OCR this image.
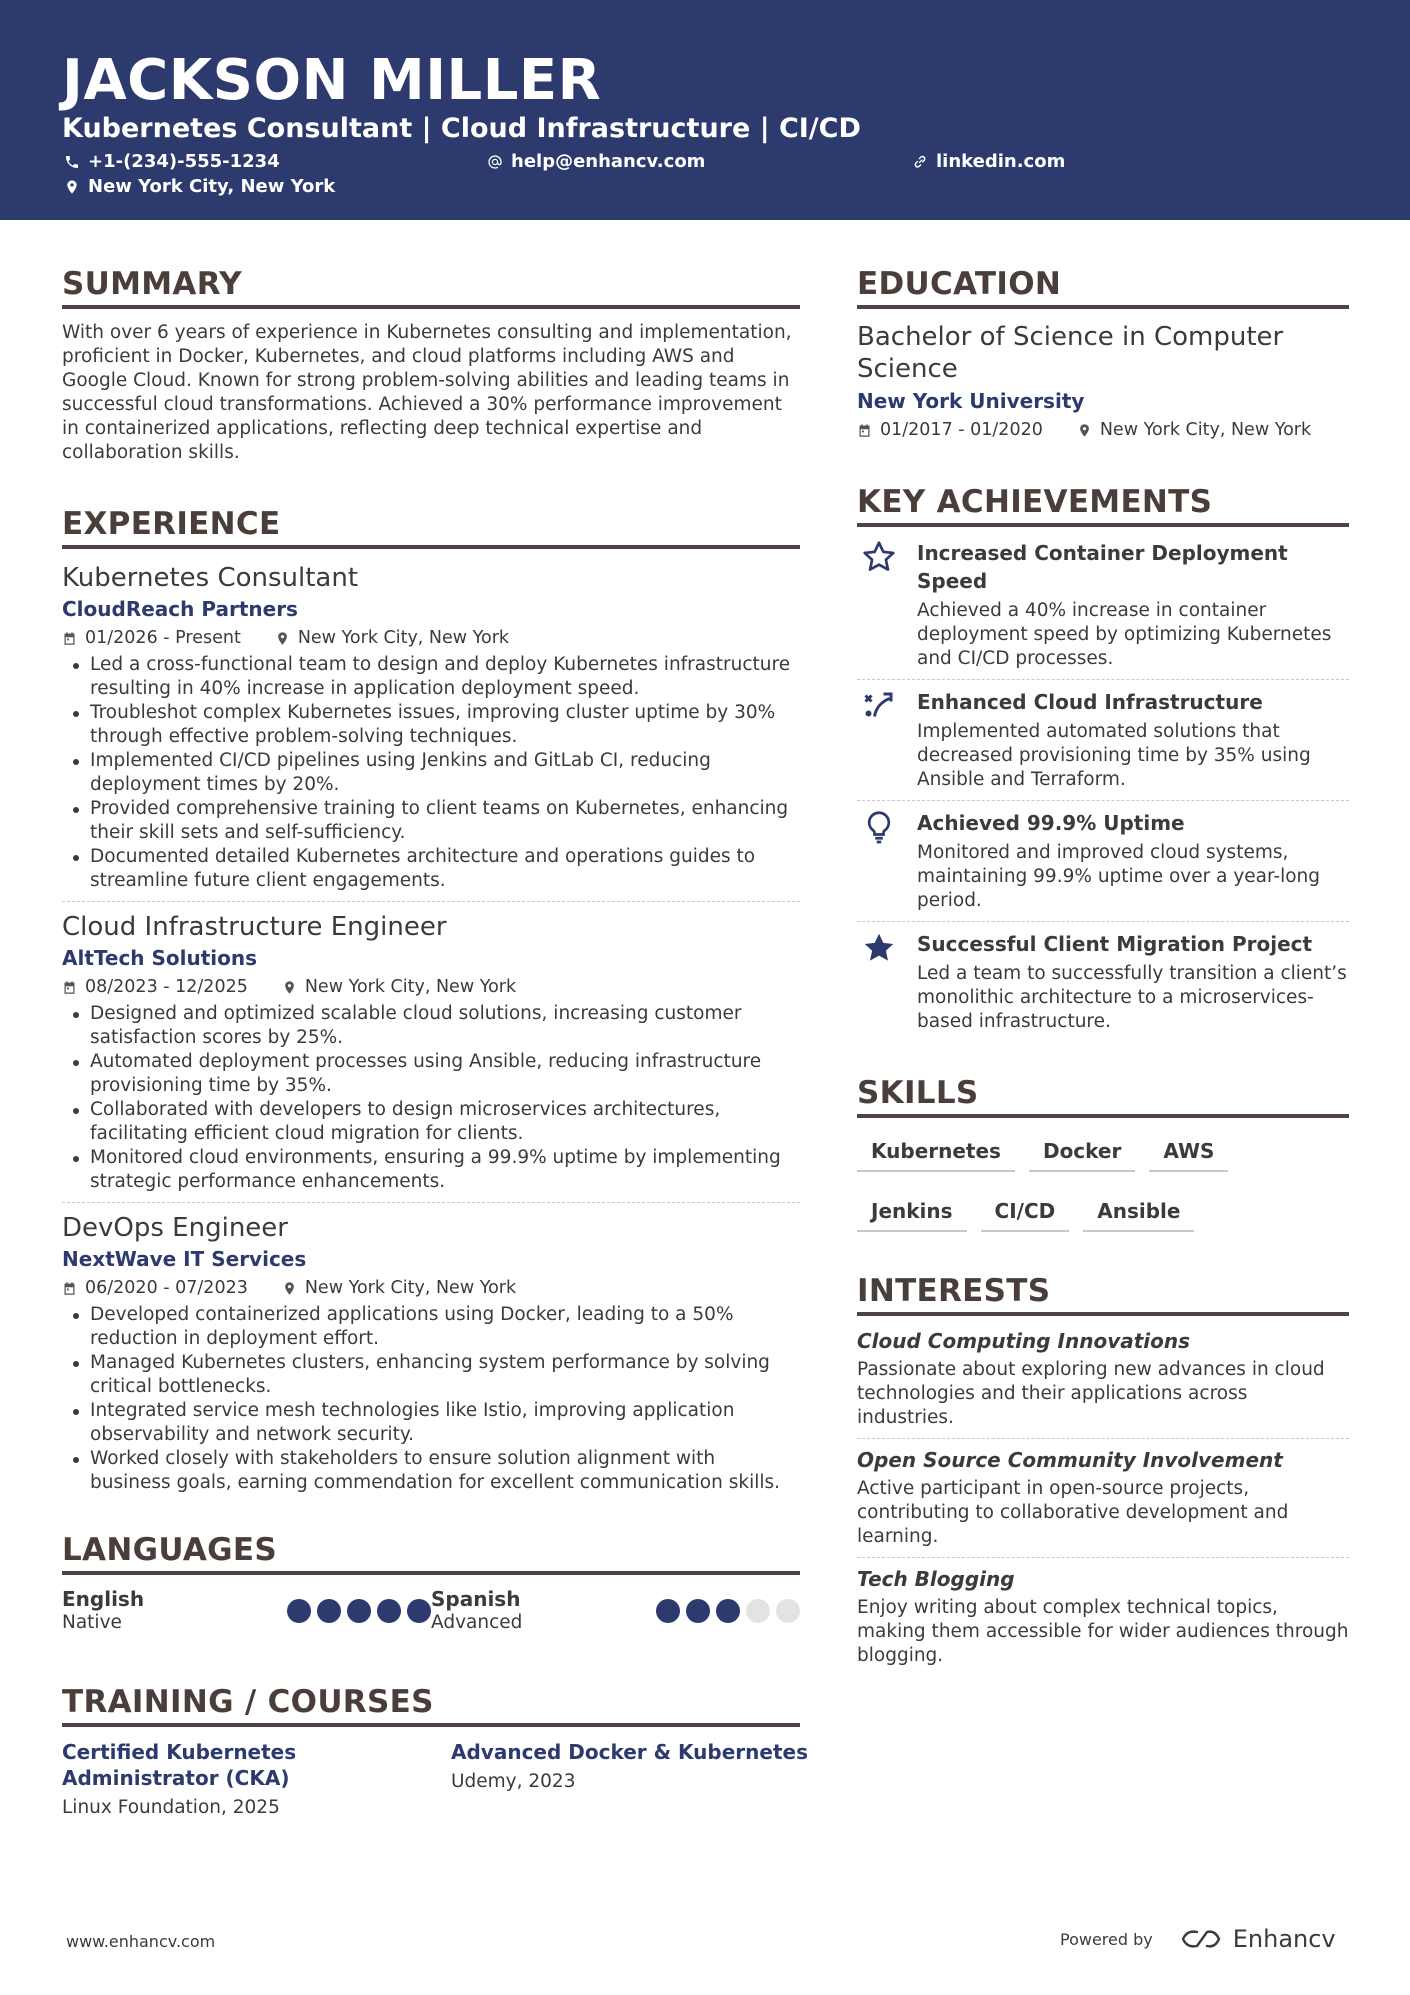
JACKSON MILLER
Kubernetes Consultant | Cloud Infrastructure | CI/CD
+1-(234)-555-1234	help@enhancv.com	linkedin.com
New York City, New York
SUMMARY

With over 6 years of experience in Kubernetes consulting and implementation, proficient in Docker, Kubernetes, and cloud platforms including AWS and Google Cloud. Known for strong problem-solving abilities and leading teams in successful cloud transformations. Achieved a 30% performance improvement in containerized applications, reflecting deep technical expertise and collaboration skills.

EXPERIENCE
Kubernetes Consultant
CloudReach Partners
01/2026 - Present	New York City, New York
Led a cross-functional team to design and deploy Kubernetes infrastructure resulting in 40% increase in application deployment speed.
Troubleshot complex Kubernetes issues, improving cluster uptime by 30% through effective problem-solving techniques.
Implemented CI/CD pipelines using Jenkins and GitLab CI, reducing deployment times by 20%.
Provided comprehensive training to client teams on Kubernetes, enhancing their skill sets and self-sufficiency.
Documented detailed Kubernetes architecture and operations guides to streamline future client engagements.
Cloud Infrastructure Engineer
AltTech Solutions
08/2023 - 12/2025	New York City, New York
Designed and optimized scalable cloud solutions, increasing customer satisfaction scores by 25%.
Automated deployment processes using Ansible, reducing infrastructure provisioning time by 35%.
Collaborated with developers to design microservices architectures, facilitating efficient cloud migration for clients.
Monitored cloud environments, ensuring a 99.9% uptime by implementing strategic performance enhancements.
DevOps Engineer
NextWave IT Services
06/2020 - 07/2023	New York City, New York
Developed containerized applications using Docker, leading to a 50% reduction in deployment effort.
Managed Kubernetes clusters, enhancing system performance by solving critical bottlenecks.
Integrated service mesh technologies like Istio, improving application observability and network security.
Worked closely with stakeholders to ensure solution alignment with business goals, earning commendation for excellent communication skills.
LANGUAGES
English
Native
Spanish
Advanced
TRAINING / COURSES
Certified Kubernetes Administrator (CKA)
Linux Foundation, 2025
Advanced Docker & Kubernetes
Udemy, 2023
EDUCATION
Bachelor of Science in Computer Science
New York University
01/2017 - 01/2020	New York City, New York
KEY ACHIEVEMENTS
Increased Container Deployment Speed
Achieved a 40% increase in container deployment speed by optimizing Kubernetes and CI/CD processes.
Enhanced Cloud Infrastructure
Implemented automated solutions that decreased provisioning time by 35% using Ansible and Terraform.
Achieved 99.9% Uptime
Monitored and improved cloud systems, maintaining 99.9% uptime over a year-long period.
Successful Client Migration Project
Led a team to successfully transition a client’s monolithic architecture to a microservices-based infrastructure.
SKILLS
Kubernetes	Docker	AWS
Jenkins	CI/CD	Ansible
INTERESTS
Cloud Computing Innovations
Passionate about exploring new advances in cloud technologies and their applications across industries.
Open Source Community Involvement
Active participant in open-source projects, contributing to collaborative development and learning.
Tech Blogging
Enjoy writing about complex technical topics, making them accessible for wider audiences through blogging.
www.enhancv.com	Powered by	Enhancv
